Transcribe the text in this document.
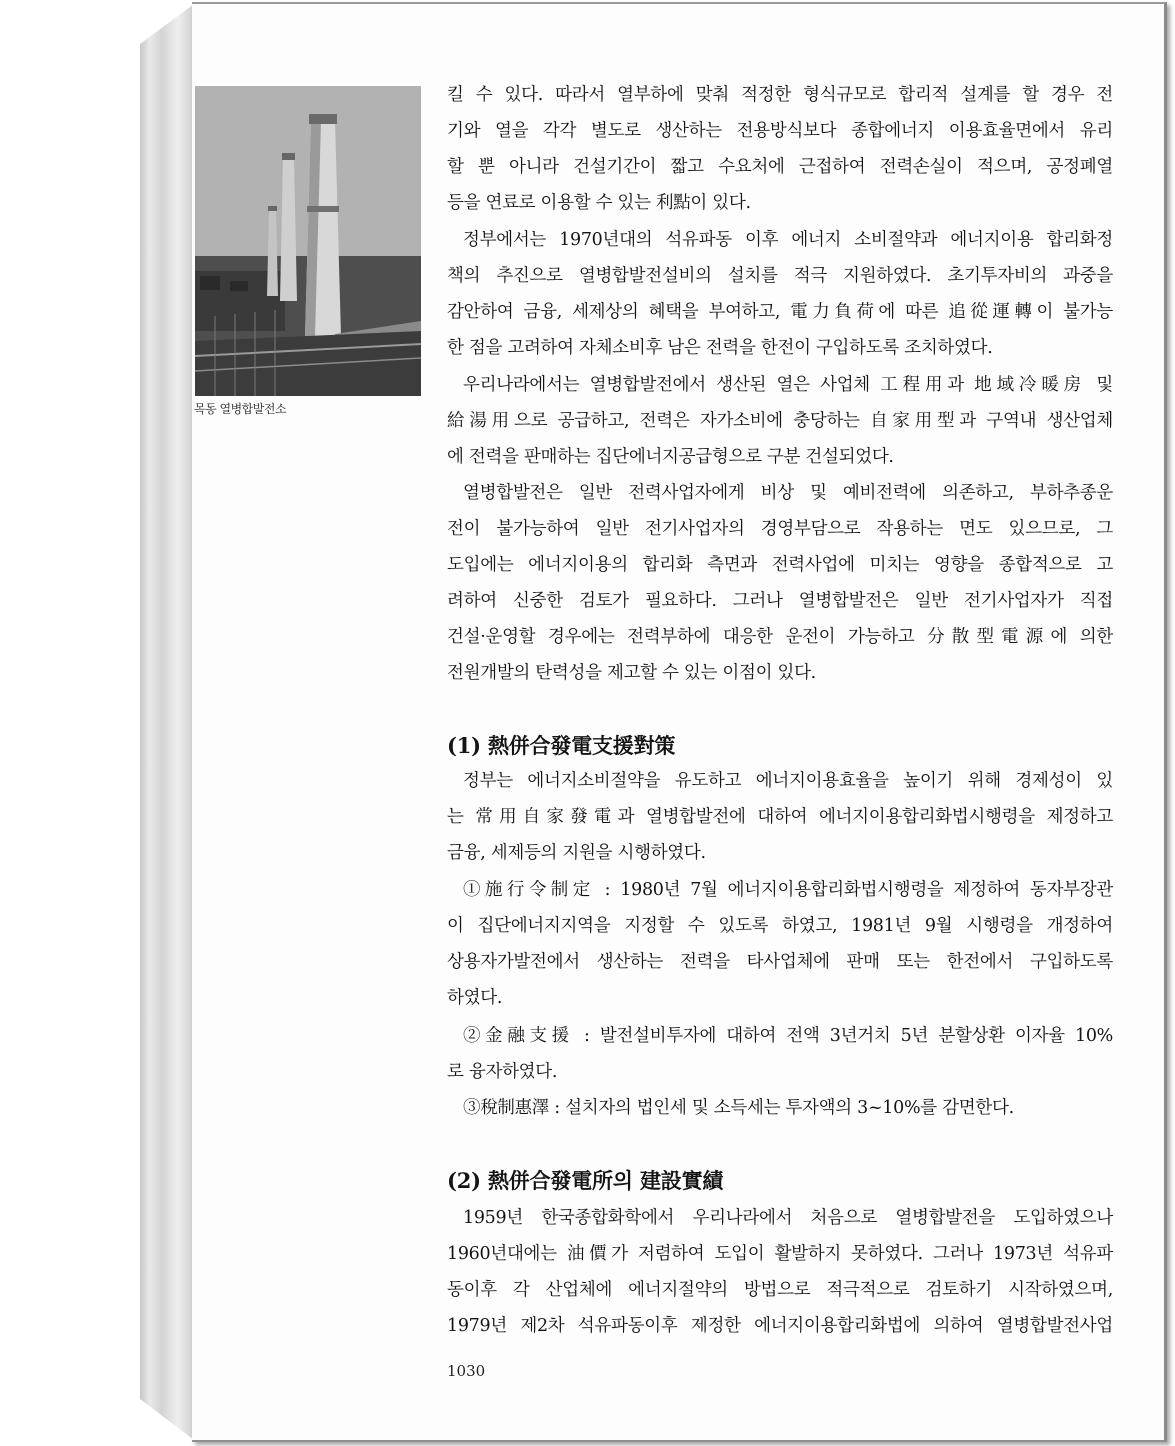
목동 열병합발전소
킬 수 있다. 따라서 열부하에 맞춰 적정한 형식규모로 합리적 설계를 할 경우 전
기와 열을 각각 별도로 생산하는 전용방식보다 종합에너지 이용효율면에서 유리
할 뿐 아니라 건설기간이 짧고 수요처에 근접하여 전력손실이 적으며, 공정폐열
등을 연료로 이용할 수 있는 利點이 있다.
정부에서는 1970년대의 석유파동 이후 에너지 소비절약과 에너지이용 합리화정
책의 추진으로 열병합발전설비의 설치를 적극 지원하였다. 초기투자비의 과중을
감안하여 금융, 세제상의 혜택을 부여하고, 電力負荷에 따른 追從運轉이 불가능
한 점을 고려하여 자체소비후 남은 전력을 한전이 구입하도록 조치하였다.
우리나라에서는 열병합발전에서 생산된 열은 사업체 工程用과 地域冷暖房 및
給湯用으로 공급하고, 전력은 자가소비에 충당하는 自家用型과 구역내 생산업체
에 전력을 판매하는 집단에너지공급형으로 구분 건설되었다.
열병합발전은 일반 전력사업자에게 비상 및 예비전력에 의존하고, 부하추종운
전이 불가능하여 일반 전기사업자의 경영부담으로 작용하는 면도 있으므로, 그
도입에는 에너지이용의 합리화 측면과 전력사업에 미치는 영향을 종합적으로 고
려하여 신중한 검토가 필요하다. 그러나 열병합발전은 일반 전기사업자가 직접
건설·운영할 경우에는 전력부하에 대응한 운전이 가능하고 分散型電源에 의한
전원개발의 탄력성을 제고할 수 있는 이점이 있다.
(1) 熱併合發電支援對策
정부는 에너지소비절약을 유도하고 에너지이용효율을 높이기 위해 경제성이 있
는 常用自家發電과 열병합발전에 대하여 에너지이용합리화법시행령을 제정하고
금융, 세제등의 지원을 시행하였다.
①施行令制定 : 1980년 7월 에너지이용합리화법시행령을 제정하여 동자부장관
이 집단에너지지역을 지정할 수 있도록 하였고, 1981년 9월 시행령을 개정하여
상용자가발전에서 생산하는 전력을 타사업체에 판매 또는 한전에서 구입하도록
하였다.
②金融支援 : 발전설비투자에 대하여 전액 3년거치 5년 분할상환 이자율 10%
로 융자하였다.
③稅制惠澤 : 설치자의 법인세 및 소득세는 투자액의 3~10%를 감면한다.
(2) 熱併合發電所의 建設實績
1959년 한국종합화학에서 우리나라에서 처음으로 열병합발전을 도입하였으나
1960년대에는 油價가 저렴하여 도입이 활발하지 못하였다. 그러나 1973년 석유파
동이후 각 산업체에 에너지절약의 방법으로 적극적으로 검토하기 시작하였으며,
1979년 제2차 석유파동이후 제정한 에너지이용합리화법에 의하여 열병합발전사업
1030
